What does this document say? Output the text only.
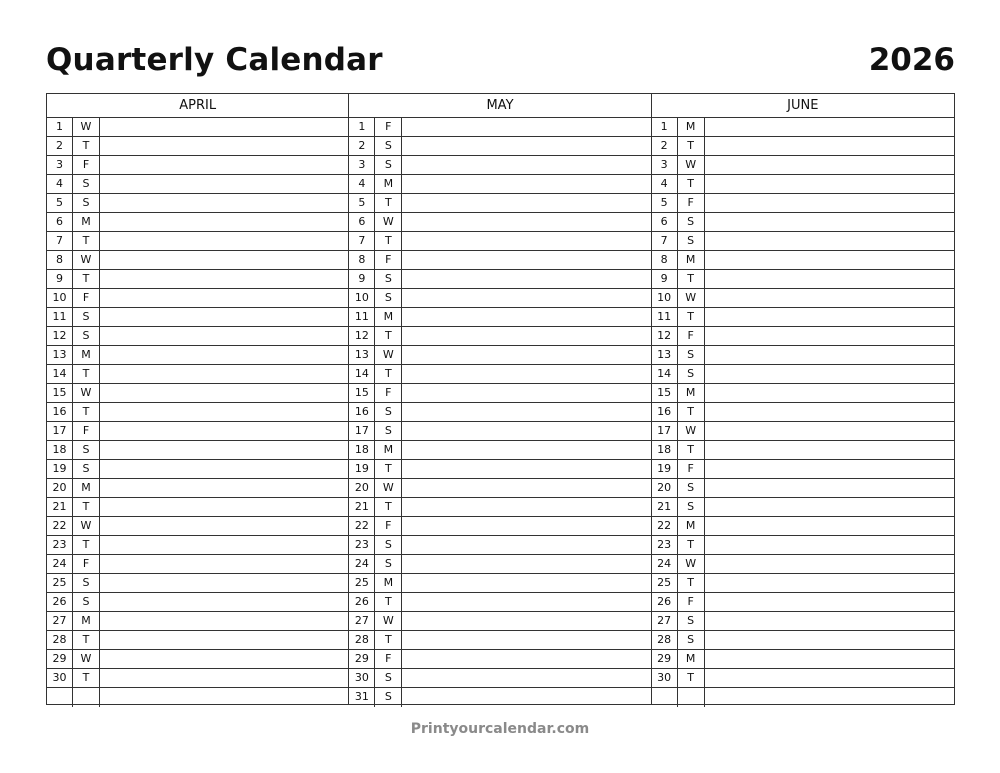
Quarterly Calendar	2026
APRIL
1	W
2	T
3	F
4	S
5	S
6	M
7	T
8	W
9	T
10	F
11	S
12	S
13	M
14	T
15	W
16	T
17	F
18	S
19	S
20	M
21	T
22	W
23	T
24	F
25	S
26	S
27	M
28	T
29	W
30	T
MAY
1	F
2	S
3	S
4	M
5	T
6	W
7	T
8	F
9	S
10	S
11	M
12	T
13	W
14	T
15	F
16	S
17	S
18	M
19	T
20	W
21	T
22	F
23	S
24	S
25	M
26	T
27	W
28	T
29	F
30	S
31	S
JUNE
1	M
2	T
3	W
4	T
5	F
6	S
7	S
8	M
9	T
10	W
11	T
12	F
13	S
14	S
15	M
16	T
17	W
18	T
19	F
20	S
21	S
22	M
23	T
24	W
25	T
26	F
27	S
28	S
29	M
30	T
Printyourcalendar.com
